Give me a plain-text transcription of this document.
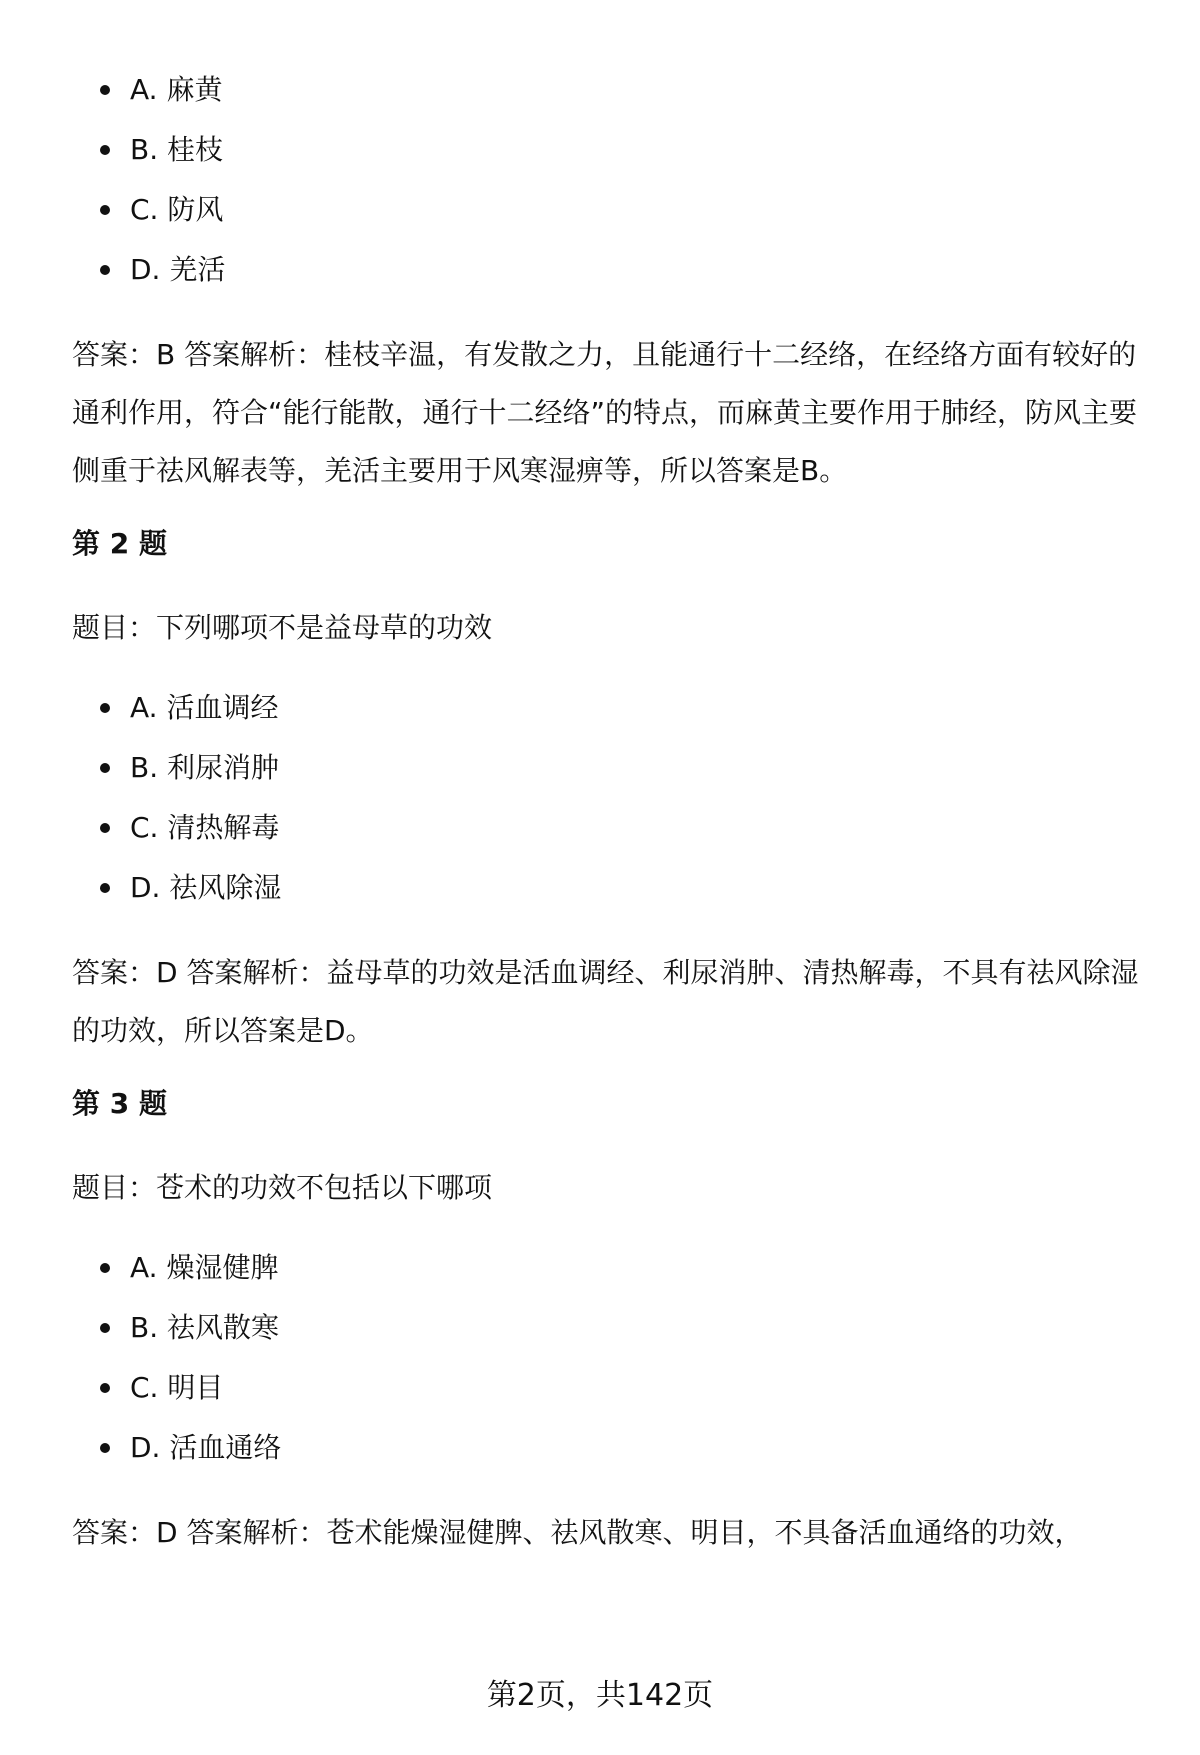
A. 麻黄
B. 桂枝
C. 防风
D. 羌活

答案：B 答案解析：桂枝辛温，有发散之力，且能通行十二经络，在经络方面有较好的通利作用，符合“能行能散，通行十二经络”的特点，而麻黄主要作用于肺经，防风主要侧重于祛风解表等，羌活主要用于风寒湿痹等，所以答案是B。

第 2 题

题目：下列哪项不是益母草的功效

A. 活血调经
B. 利尿消肿
C. 清热解毒
D. 祛风除湿

答案：D 答案解析：益母草的功效是活血调经、利尿消肿、清热解毒，不具有祛风除湿的功效，所以答案是D。

第 3 题

题目：苍术的功效不包括以下哪项

A. 燥湿健脾
B. 祛风散寒
C. 明目
D. 活血通络

答案：D 答案解析：苍术能燥湿健脾、祛风散寒、明目，不具备活血通络的功效，

第2页，共142页
